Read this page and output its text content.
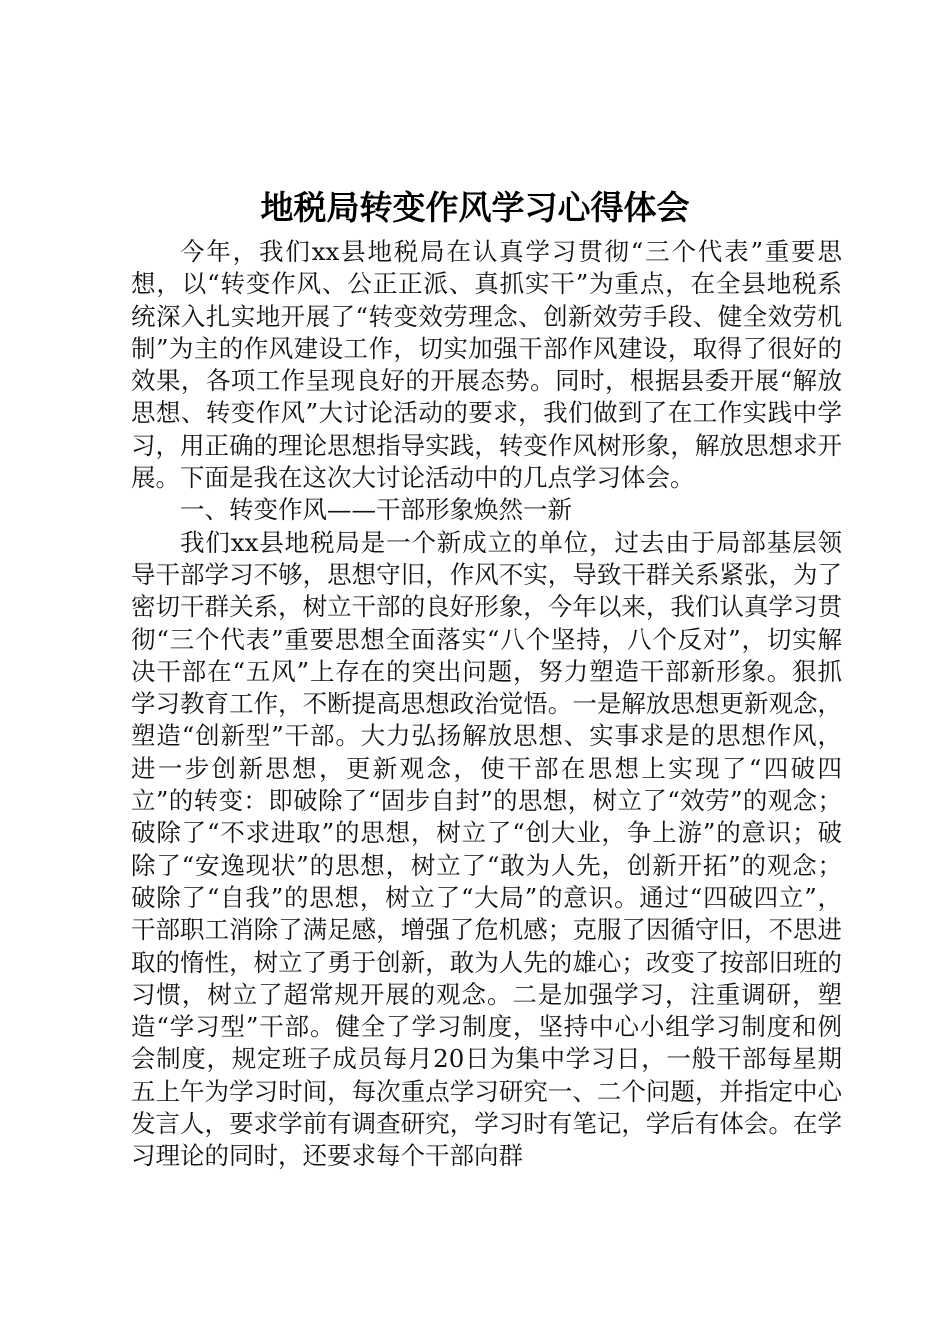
地税局转变作风学习心得体会

今年，我们xx县地税局在认真学习贯彻“三个代表”重要思想，以“转变作风、公正正派、真抓实干”为重点，在全县地税系统深入扎实地开展了“转变效劳理念、创新效劳手段、健全效劳机制”为主的作风建设工作，切实加强干部作风建设，取得了很好的效果，各项工作呈现良好的开展态势。同时，根据县委开展“解放思想、转变作风”大讨论活动的要求，我们做到了在工作实践中学习，用正确的理论思想指导实践，转变作风树形象，解放思想求开展。下面是我在这次大讨论活动中的几点学习体会。

一、转变作风——干部形象焕然一新

我们xx县地税局是一个新成立的单位，过去由于局部基层领导干部学习不够，思想守旧，作风不实，导致干群关系紧张，为了密切干群关系，树立干部的良好形象，今年以来，我们认真学习贯彻“三个代表”重要思想全面落实“八个坚持，八个反对”，切实解决干部在“五风”上存在的突出问题，努力塑造干部新形象。狠抓学习教育工作，不断提高思想政治觉悟。一是解放思想更新观念，塑造“创新型”干部。大力弘扬解放思想、实事求是的思想作风，进一步创新思想，更新观念，使干部在思想上实现了“四破四立”的转变：即破除了“固步自封”的思想，树立了“效劳”的观念；破除了“不求进取”的思想，树立了“创大业，争上游”的意识；破除了“安逸现状”的思想，树立了“敢为人先，创新开拓”的观念；破除了“自我”的思想，树立了“大局”的意识。通过“四破四立”，干部职工消除了满足感，增强了危机感；克服了因循守旧，不思进取的惰性，树立了勇于创新，敢为人先的雄心；改变了按部旧班的习惯，树立了超常规开展的观念。二是加强学习，注重调研，塑造“学习型”干部。健全了学习制度，坚持中心小组学习制度和例会制度，规定班子成员每月20日为集中学习日，一般干部每星期五上午为学习时间，每次重点学习研究一、二个问题，并指定中心发言人，要求学前有调查研究，学习时有笔记，学后有体会。在学习理论的同时，还要求每个干部向群
